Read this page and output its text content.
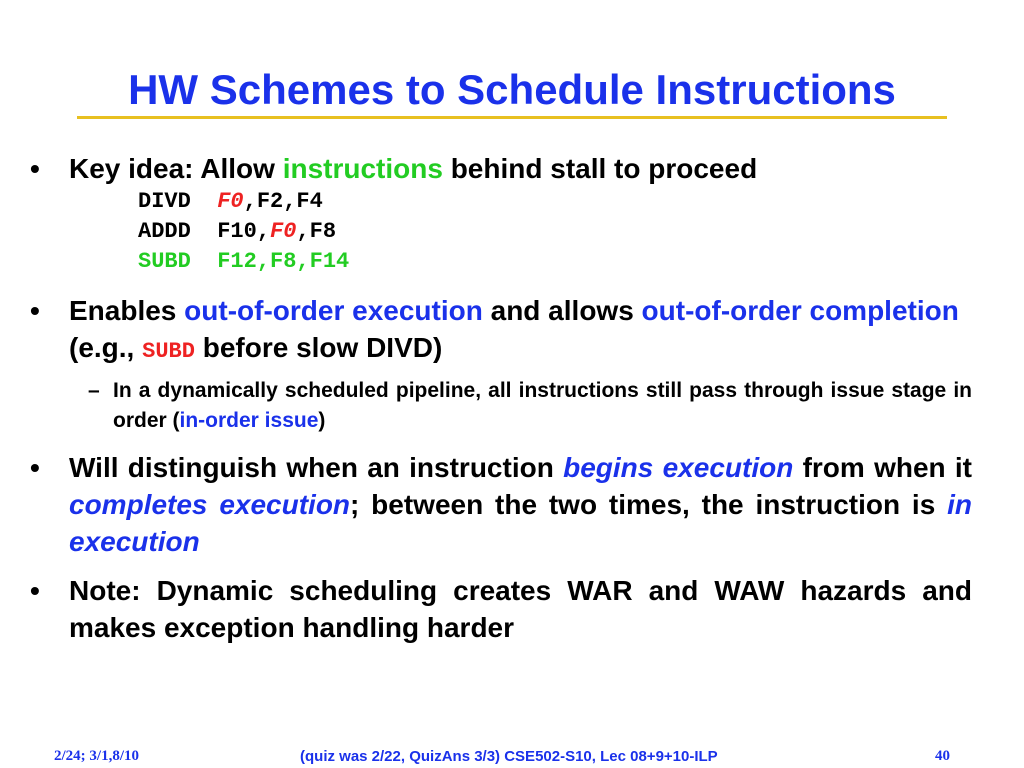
HW Schemes to Schedule Instructions
•	Key idea: Allow instructions behind stall to proceed
DIVD  F0,F2,F4
ADDD  F10,F0,F8
SUBD  F12,F8,F14
•	Enables out-of-order execution and allows out-of-order completion (e.g., SUBD before slow DIVD)
– In a dynamically scheduled pipeline, all instructions still pass through issue stage in order (in-order issue)
•	Will distinguish when an instruction begins execution from when it completes execution; between the two times, the instruction is in execution
•	Note: Dynamic scheduling creates WAR and WAW hazards and makes exception handling harder
2/24; 3/1,8/10	(quiz was 2/22, QuizAns 3/3) CSE502-S10, Lec 08+9+10-ILP	40
